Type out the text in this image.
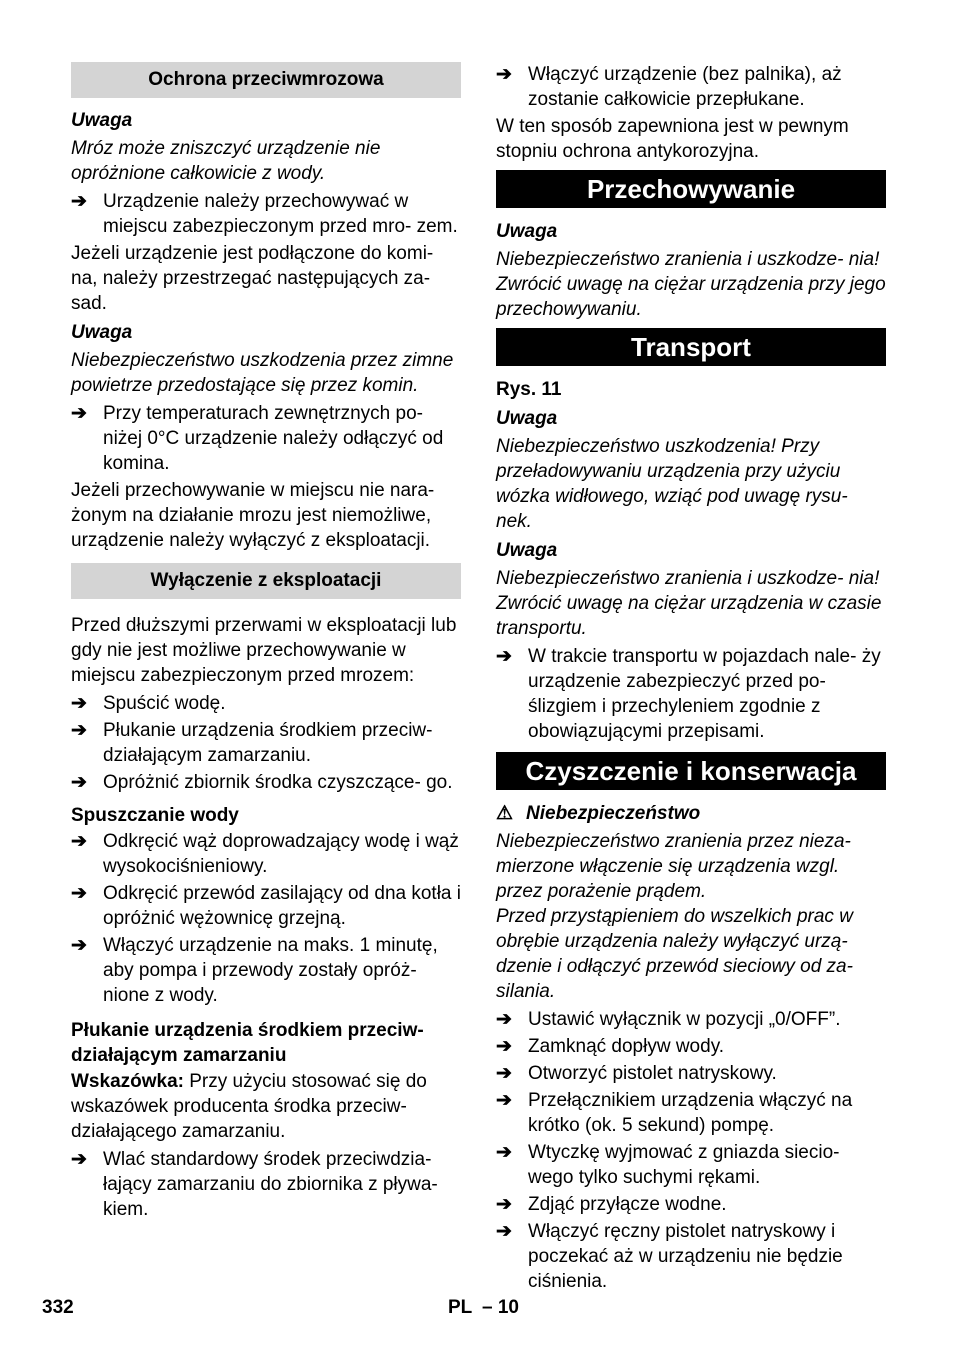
Ochrona przeciwmrozowa
Uwaga
Mróz może zniszczyć urządzenie nie opróżnione całkowicie z wody.
➔ Urządzenie należy przechowywać w miejscu zabezpieczonym przed mro- zem.
Jeżeli urządzenie jest podłączone do komi- na, należy przestrzegać następujących za- sad.
Uwaga
Niebezpieczeństwo uszkodzenia przez zimne powietrze przedostające się przez komin.
➔ Przy temperaturach zewnętrznych po- niżej 0°C urządzenie należy odłączyć od komina.
Jeżeli przechowywanie w miejscu nie nara- żonym na działanie mrozu jest niemożliwe, urządzenie należy wyłączyć z eksploatacji.
Wyłączenie z eksploatacji
Przed dłuższymi przerwami w eksploatacji lub gdy nie jest możliwe przechowywanie w miejscu zabezpieczonym przed mrozem:
➔ Spuścić wodę.
➔ Płukanie urządzenia środkiem przeciw- działającym zamarzaniu.
➔ Opróżnić zbiornik środka czyszczące- go.
Spuszczanie wody
➔ Odkręcić wąż doprowadzający wodę i wąż wysokociśnieniowy.
➔ Odkręcić przewód zasilający od dna kotła i opróżnić wężownicę grzejną.
➔ Włączyć urządzenie na maks. 1 minutę, aby pompa i przewody zostały opróż- nione z wody.
Płukanie urządzenia środkiem przeciw- działającym zamarzaniu
Wskazówka: Przy użyciu stosować się do wskazówek producenta środka przeciw- działającego zamarzaniu.
➔ Wlać standardowy środek przeciwdzia- łający zamarzaniu do zbiornika z pływa- kiem.
➔ Włączyć urządzenie (bez palnika), aż zostanie całkowicie przepłukane.
W ten sposób zapewniona jest w pewnym stopniu ochrona antykorozyjna.
Przechowywanie
Uwaga
Niebezpieczeństwo zranienia i uszkodze- nia! Zwrócić uwagę na ciężar urządzenia przy jego przechowywaniu.
Transport
Rys. 11
Uwaga
Niebezpieczeństwo uszkodzenia! Przy przeładowywaniu urządzenia przy użyciu wózka widłowego, wziąć pod uwagę rysu- nek.
Uwaga
Niebezpieczeństwo zranienia i uszkodze- nia! Zwrócić uwagę na ciężar urządzenia w czasie transportu.
➔ W trakcie transportu w pojazdach nale- ży urządzenie zabezpieczyć przed po- ślizgiem i przechyleniem zgodnie z obowiązującymi przepisami.
Czyszczenie i konserwacja
⚠ Niebezpieczeństwo
Niebezpieczeństwo zranienia przez nieza- mierzone włączenie się urządzenia wzgl. przez porażenie prądem.
Przed przystąpieniem do wszelkich prac w obrębie urządzenia należy wyłączyć urzą- dzenie i odłączyć przewód sieciowy od za- silania.
➔ Ustawić wyłącznik w pozycji „0/OFF”.
➔ Zamknąć dopływ wody.
➔ Otworzyć pistolet natryskowy.
➔ Przełącznikiem urządzenia włączyć na krótko (ok. 5 sekund) pompę.
➔ Wtyczkę wyjmować z gniazda siecio- wego tylko suchymi rękami.
➔ Zdjąć przyłącze wodne.
➔ Włączyć ręczny pistolet natryskowy i poczekać aż w urządzeniu nie będzie ciśnienia.
332	PL – 10
